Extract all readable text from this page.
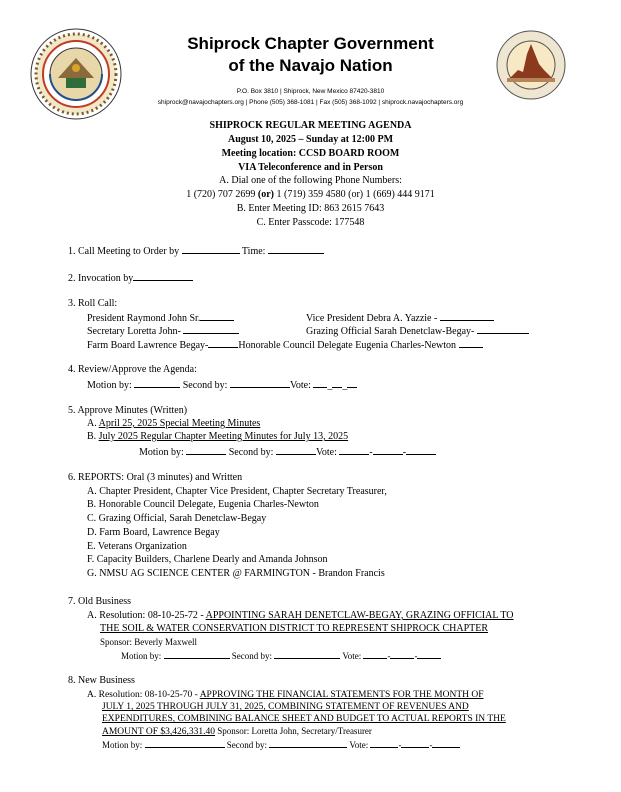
Shiprock Chapter Government
of the Navajo Nation
P.O. Box 3810 | Shiprock, New Mexico 87420-3810
shiprock@navajochapters.org | Phone (505) 368-1081 | Fax (505) 368-1092 | shiprock.navajochapters.org
SHIPROCK REGULAR MEETING AGENDA
August 10, 2025 – Sunday at 12:00 PM
Meeting location: CCSD BOARD ROOM
VIA Teleconference and in Person
A. Dial one of the following Phone Numbers:
1 (720) 707 2699 (or) 1 (719) 359 4580 (or) 1 (669) 444 9171
B. Enter Meeting ID: 863 2615 7643
C. Enter Passcode: 177548
1. Call Meeting to Order by	Time:
2. Invocation by
3. Roll Call:
President Raymond John Sr.	Vice President Debra A. Yazzie -
Secretary Loretta John-	Grazing Official Sarah Denetclaw-Begay-
Farm Board Lawrence Begay-	Honorable Council Delegate Eugenia Charles-Newton
4. Review/Approve the Agenda:
Motion by:	Second by:	Vote: _ _
5. Approve Minutes (Written)
A. April 25, 2025 Special Meeting Minutes
B. July 2025 Regular Chapter Meeting Minutes for July 13, 2025
Motion by:	Second by:	Vote:	-	-
6. REPORTS: Oral (3 minutes) and Written
A. Chapter President, Chapter Vice President, Chapter Secretary Treasurer,
B. Honorable Council Delegate, Eugenia Charles-Newton
C. Grazing Official, Sarah Denetclaw-Begay
D. Farm Board, Lawrence Begay
E. Veterans Organization
F. Capacity Builders, Charlene Dearly and Amanda Johnson
G. NMSU AG SCIENCE CENTER @ FARMINGTON - Brandon Francis
7. Old Business
A. Resolution: 08-10-25-72 - APPOINTING SARAH DENETCLAW-BEGAY, GRAZING OFFICIAL TO
THE SOIL & WATER CONSERVATION DISTRICT TO REPRESENT SHIPROCK CHAPTER
Sponsor: Beverly Maxwell
Motion by:	Second by:	Vote:	-	-
8. New Business
A. Resolution: 08-10-25-70 - APPROVING THE FINANCIAL STATEMENTS FOR THE MONTH OF
JULY 1, 2025 THROUGH JULY 31, 2025, COMBINING STATEMENT OF REVENUES AND
EXPENDITURES, COMBINING BALANCE SHEET AND BUDGET TO ACTUAL REPORTS IN THE
AMOUNT OF $3,426,331.40 Sponsor: Loretta John, Secretary/Treasurer
Motion by:	Second by:	Vote:	-	-
